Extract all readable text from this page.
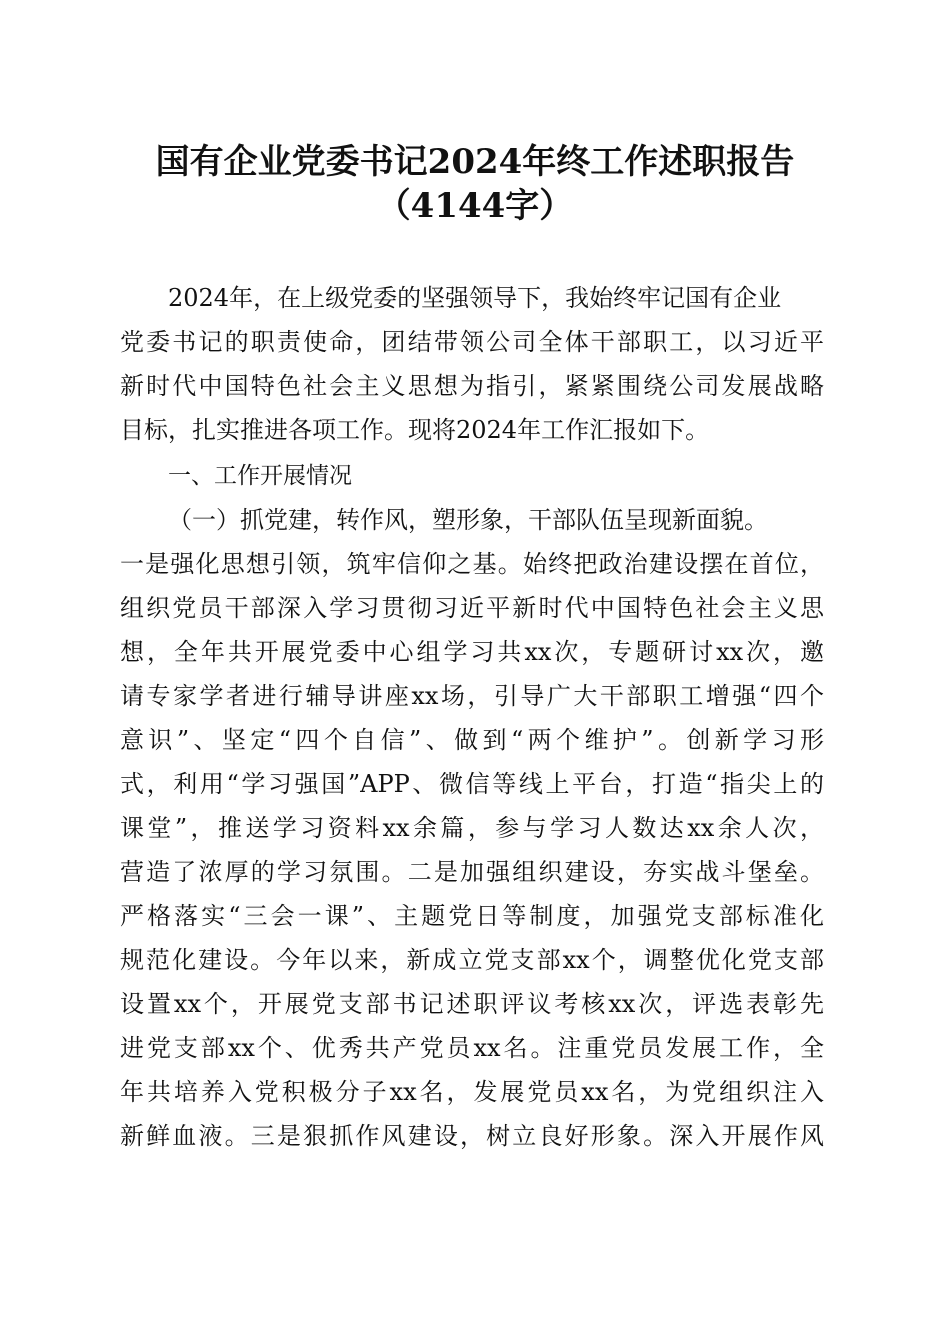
国有企业党委书记2024年终工作述职报告
（4144字）
2024年，在上级党委的坚强领导下，我始终牢记国有企业
党委书记的职责使命，团结带领公司全体干部职工，以习近平
新时代中国特色社会主义思想为指引，紧紧围绕公司发展战略
目标，扎实推进各项工作。现将2024年工作汇报如下。
一、工作开展情况
（一）抓党建，转作风，塑形象，干部队伍呈现新面貌。
一是强化思想引领，筑牢信仰之基。始终把政治建设摆在首位，
组织党员干部深入学习贯彻习近平新时代中国特色社会主义思
想，全年共开展党委中心组学习共xx次，专题研讨xx次，邀
请专家学者进行辅导讲座xx场，引导广大干部职工增强“四个
意识”、坚定“四个自信”、做到“两个维护”。创新学习形
式，利用“学习强国”APP、微信等线上平台，打造“指尖上的
课堂”，推送学习资料xx余篇，参与学习人数达xx余人次，
营造了浓厚的学习氛围。二是加强组织建设，夯实战斗堡垒。
严格落实“三会一课”、主题党日等制度，加强党支部标准化
规范化建设。今年以来，新成立党支部xx个，调整优化党支部
设置xx个，开展党支部书记述职评议考核xx次，评选表彰先
进党支部xx个、优秀共产党员xx名。注重党员发展工作，全
年共培养入党积极分子xx名，发展党员xx名，为党组织注入
新鲜血液。三是狠抓作风建设，树立良好形象。深入开展作风
